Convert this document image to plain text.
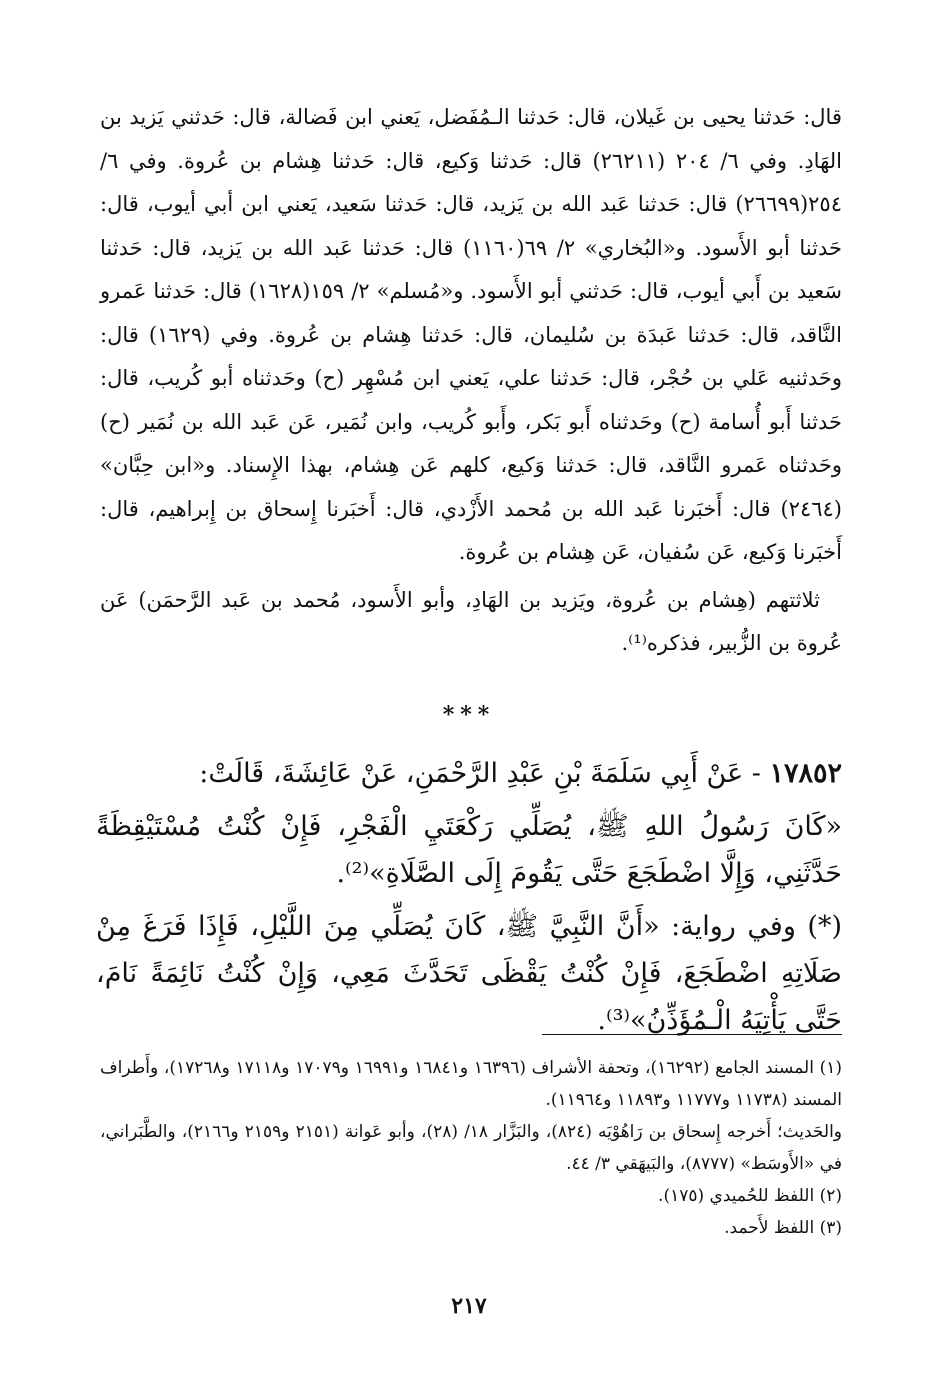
قال: حَدثنا يحيى بن غَيلان، قال: حَدثنا الـمُفَضل، يَعني ابن فَضالة، قال: حَدثني يَزيد بن الهَادِ. وفي ٦/ ٢٠٤ (٢٦٢١١) قال: حَدثنا وَكيع، قال: حَدثنا هِشام بن عُروة. وفي ٦/ ٢٥٤(٢٦٦٩٩) قال: حَدثنا عَبد الله بن يَزيد، قال: حَدثنا سَعيد، يَعني ابن أبي أيوب، قال: حَدثنا أبو الأَسود. و«البُخاري» ٢/ ٦٩(١١٦٠) قال: حَدثنا عَبد الله بن يَزيد، قال: حَدثنا سَعيد بن أَبي أيوب، قال: حَدثني أبو الأَسود. و«مُسلم» ٢/ ١٥٩(١٦٢٨) قال: حَدثنا عَمرو النَّاقد، قال: حَدثنا عَبدَة بن سُليمان، قال: حَدثنا هِشام بن عُروة. وفي (١٦٢٩) قال: وحَدثنيه عَلي بن حُجْر، قال: حَدثنا علي، يَعني ابن مُسْهِر (ح) وحَدثناه أبو كُريب، قال: حَدثنا أَبو أُسامة (ح) وحَدثناه أَبو بَكر، وأَبو كُريب، وابن نُمَير، عَن عَبد الله بن نُمَير (ح) وحَدثناه عَمرو النَّاقد، قال: حَدثنا وَكيع، كلهم عَن هِشام، بهذا الإِسناد. و«ابن حِبَّان» (٢٤٦٤) قال: أَخبَرنا عَبد الله بن مُحمد الأَزْدي، قال: أَخبَرنا إِسحاق بن إِبراهيم، قال: أَخبَرنا وَكيع، عَن سُفيان، عَن هِشام بن عُروة.

ثلاثتهم (هِشام بن عُروة، ويَزيد بن الهَادِ، وأبو الأَسود، مُحمد بن عَبد الرَّحمَن) عَن عُروة بن الزُّبير، فذكره⁽¹⁾.

***

١٧٨٥٢ - عَنْ أَبِي سَلَمَةَ بْنِ عَبْدِ الرَّحْمَنِ، عَنْ عَائِشَةَ، قَالَتْ:

«كَانَ رَسُولُ اللهِ ﷺ، يُصَلِّي رَكْعَتَيِ الْفَجْرِ، فَإِنْ كُنْتُ مُسْتَيْقِظَةً حَدَّثَنِي، وَإِلَّا اضْطَجَعَ حَتَّى يَقُومَ إِلَى الصَّلَاةِ»⁽²⁾.

(*) وفي رواية: «أَنَّ النَّبِيَّ ﷺ، كَانَ يُصَلِّي مِنَ اللَّيْلِ، فَإِذَا فَرَغَ مِنْ صَلَاتِهِ اضْطَجَعَ، فَإِنْ كُنْتُ يَقْظَى تَحَدَّثَ مَعِي، وَإِنْ كُنْتُ نَائِمَةً نَامَ، حَتَّى يَأْتِيَهُ الْـمُؤَذِّنُ»⁽³⁾.

(١) المسند الجامع (١٦٢٩٢)، وتحفة الأشراف (١٦٣٩٦ و١٦٨٤١ و١٦٩٩١ و١٧٠٧٩ و١٧١١٨ و١٧٢٦٨)، وأَطراف المسند (١١٧٣٨ و١١٧٧٧ و١١٨٩٣ و١١٩٦٤).

والحَديث؛ أَخرجه إِسحاق بن رَاهُوْيَه (٨٢٤)، والبَزَّار ١٨/ (٢٨)، وأبو عَوانة (٢١٥١ و٢١٥٩ و٢١٦٦)، والطَّبَراني، في «الأَوسَط» (٨٧٧٧)، والبَيهَقي ٣/ ٤٤.

(٢) اللفظ للحُميدي (١٧٥).

(٣) اللفظ لأَحمد.

٢١٧
